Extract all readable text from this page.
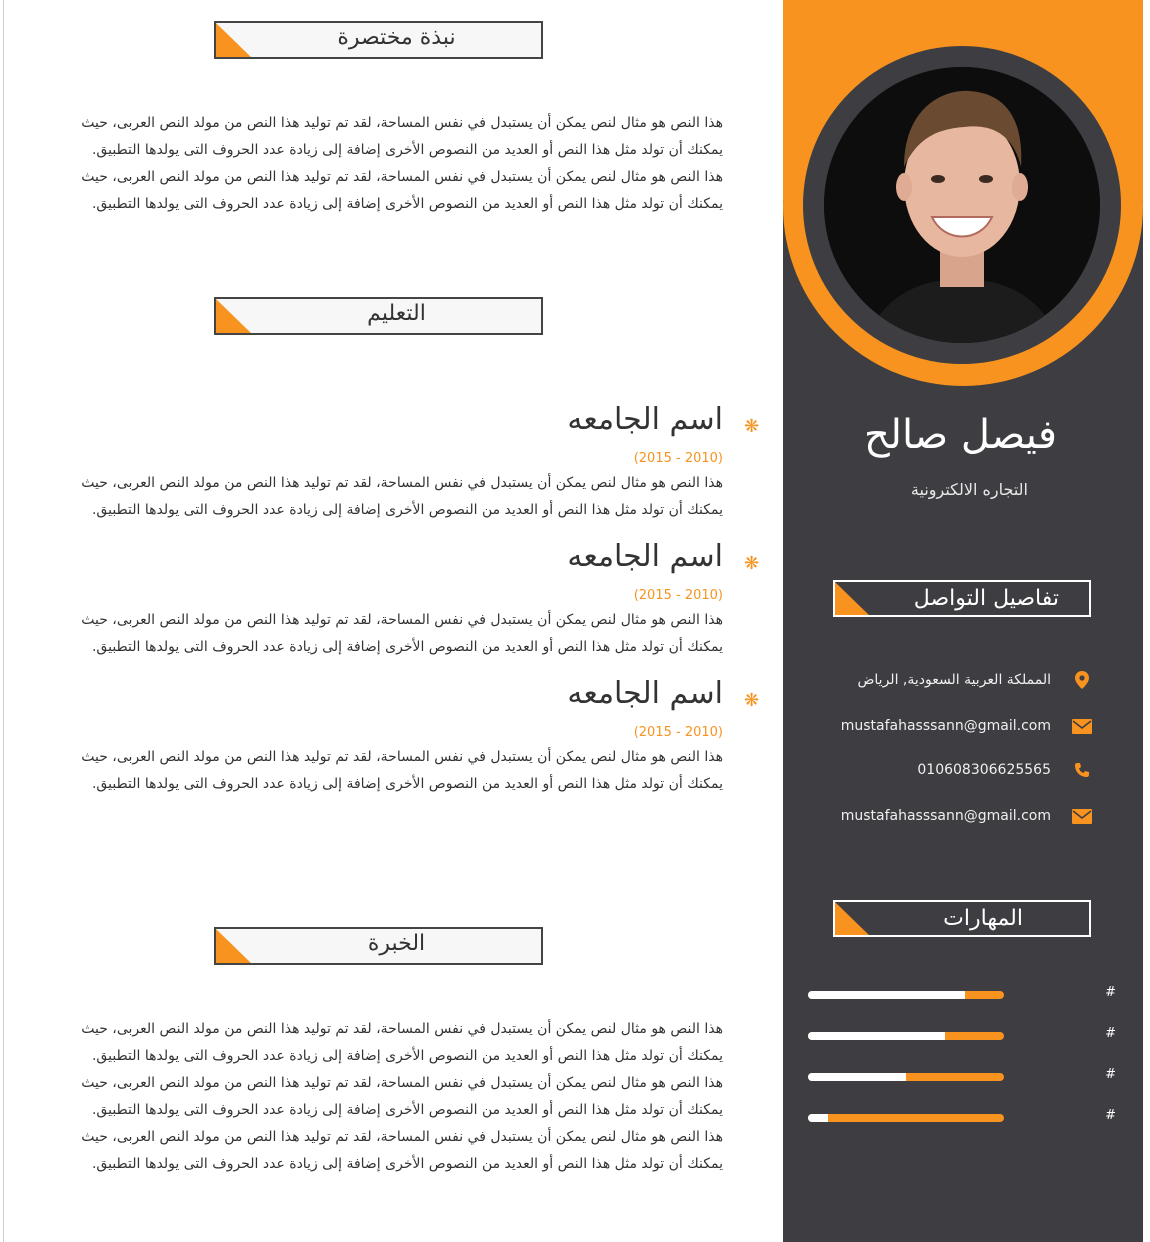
فيصل صالح
التجاره الالكترونية
تفاصيل التواصل
المملكة العربية السعودية, الرياض
mustafahasssann@gmail.com
010608306625565
mustafahasssann@gmail.com
المهارات
#
#
#
#
نبذة مختصرة
هذا النص هو مثال لنص يمكن أن يستبدل في نفس المساحة، لقد تم توليد هذا النص من مولد النص العربى، حيث
يمكنك أن تولد مثل هذا النص أو العديد من النصوص الأخرى إضافة إلى زيادة عدد الحروف التى يولدها التطبيق.
هذا النص هو مثال لنص يمكن أن يستبدل في نفس المساحة، لقد تم توليد هذا النص من مولد النص العربى، حيث
يمكنك أن تولد مثل هذا النص أو العديد من النصوص الأخرى إضافة إلى زيادة عدد الحروف التى يولدها التطبيق.
التعليم
❋
اسم الجامعه
(2015 - 2010)
هذا النص هو مثال لنص يمكن أن يستبدل في نفس المساحة، لقد تم توليد هذا النص من مولد النص العربى، حيث
يمكنك أن تولد مثل هذا النص أو العديد من النصوص الأخرى إضافة إلى زيادة عدد الحروف التى يولدها التطبيق.
❋
اسم الجامعه
(2015 - 2010)
هذا النص هو مثال لنص يمكن أن يستبدل في نفس المساحة، لقد تم توليد هذا النص من مولد النص العربى، حيث
يمكنك أن تولد مثل هذا النص أو العديد من النصوص الأخرى إضافة إلى زيادة عدد الحروف التى يولدها التطبيق.
❋
اسم الجامعه
(2015 - 2010)
هذا النص هو مثال لنص يمكن أن يستبدل في نفس المساحة، لقد تم توليد هذا النص من مولد النص العربى، حيث
يمكنك أن تولد مثل هذا النص أو العديد من النصوص الأخرى إضافة إلى زيادة عدد الحروف التى يولدها التطبيق.
الخبرة
هذا النص هو مثال لنص يمكن أن يستبدل في نفس المساحة، لقد تم توليد هذا النص من مولد النص العربى، حيث
يمكنك أن تولد مثل هذا النص أو العديد من النصوص الأخرى إضافة إلى زيادة عدد الحروف التى يولدها التطبيق.
هذا النص هو مثال لنص يمكن أن يستبدل في نفس المساحة، لقد تم توليد هذا النص من مولد النص العربى، حيث
يمكنك أن تولد مثل هذا النص أو العديد من النصوص الأخرى إضافة إلى زيادة عدد الحروف التى يولدها التطبيق.
هذا النص هو مثال لنص يمكن أن يستبدل في نفس المساحة، لقد تم توليد هذا النص من مولد النص العربى، حيث
يمكنك أن تولد مثل هذا النص أو العديد من النصوص الأخرى إضافة إلى زيادة عدد الحروف التى يولدها التطبيق.
